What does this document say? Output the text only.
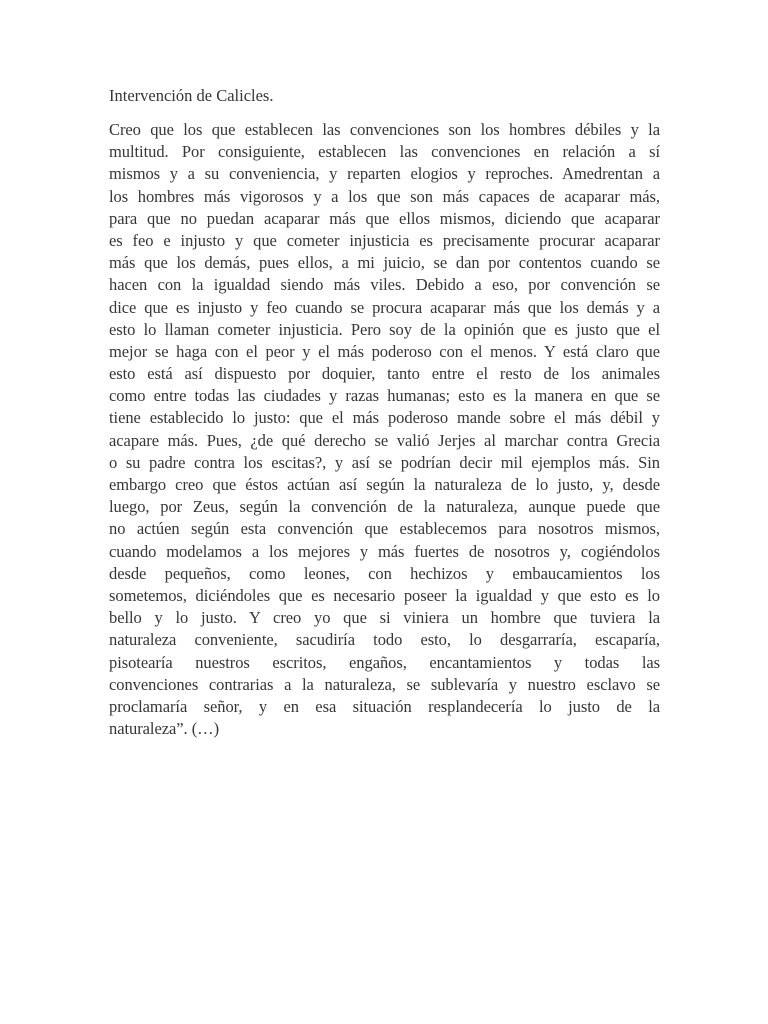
Intervención de Calicles.
Creo que los que establecen las convenciones son los hombres débiles y la
multitud. Por consiguiente, establecen las convenciones en relación a sí
mismos y a su conveniencia, y reparten elogios y reproches. Amedrentan a
los hombres más vigorosos y a los que son más capaces de acaparar más,
para que no puedan acaparar más que ellos mismos, diciendo que acaparar
es feo e injusto y que cometer injusticia es precisamente procurar acaparar
más que los demás, pues ellos, a mi juicio, se dan por contentos cuando se
hacen con la igualdad siendo más viles. Debido a eso, por convención se
dice que es injusto y feo cuando se procura acaparar más que los demás y a
esto lo llaman cometer injusticia. Pero soy de la opinión que es justo que el
mejor se haga con el peor y el más poderoso con el menos. Y está claro que
esto está así dispuesto por doquier, tanto entre el resto de los animales
como entre todas las ciudades y razas humanas; esto es la manera en que se
tiene establecido lo justo: que el más poderoso mande sobre el más débil y
acapare más. Pues, ¿de qué derecho se valió Jerjes al marchar contra Grecia
o su padre contra los escitas?, y así se podrían decir mil ejemplos más. Sin
embargo creo que éstos actúan así según la naturaleza de lo justo, y, desde
luego, por Zeus, según la convención de la naturaleza, aunque puede que
no actúen según esta convención que establecemos para nosotros mismos,
cuando modelamos a los mejores y más fuertes de nosotros y, cogiéndolos
desde pequeños, como leones, con hechizos y embaucamientos los
sometemos, diciéndoles que es necesario poseer la igualdad y que esto es lo
bello y lo justo. Y creo yo que si viniera un hombre que tuviera la
naturaleza conveniente, sacudiría todo esto, lo desgarraría, escaparía,
pisotearía nuestros escritos, engaños, encantamientos y todas las
convenciones contrarias a la naturaleza, se sublevaría y nuestro esclavo se
proclamaría señor, y en esa situación resplandecería lo justo de la
naturaleza”. (…)
